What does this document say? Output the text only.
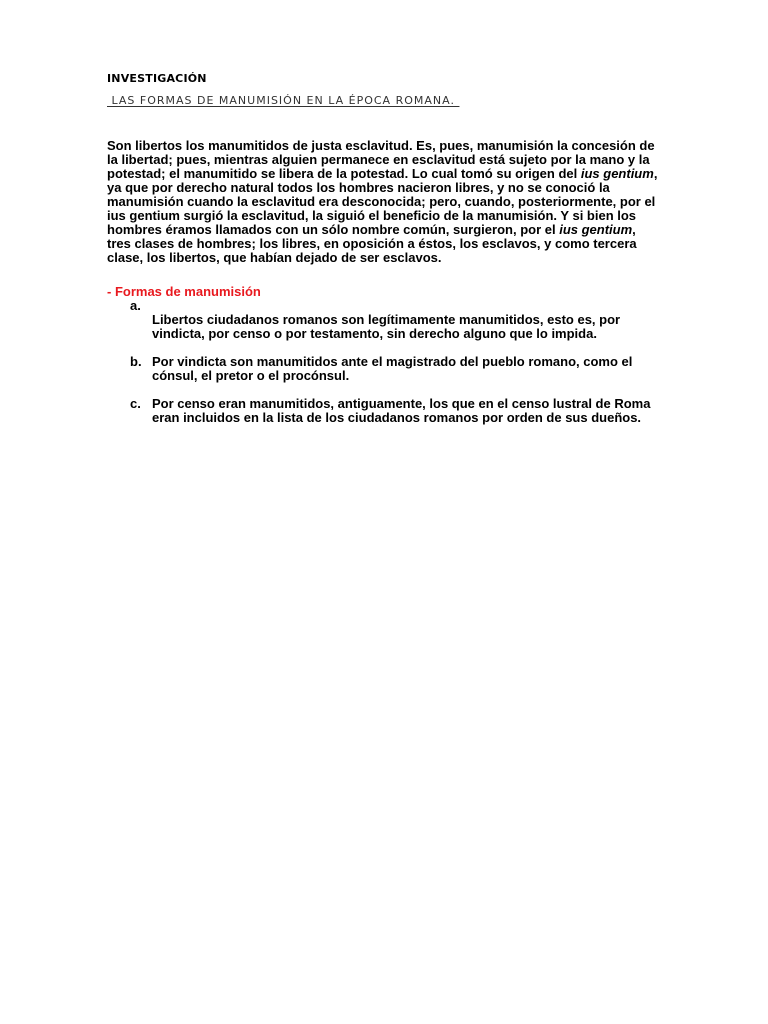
INVESTIGACIÓN
LAS FORMAS DE MANUMISIÓN EN LA ÉPOCA ROMANA.

Son libertos los manumitidos de justa esclavitud. Es, pues, manumisión la concesión de la libertad; pues, mientras alguien permanece en esclavitud está sujeto por la mano y la potestad; el manumitido se libera de la potestad. Lo cual tomó su origen del ius gentium, ya que por derecho natural todos los hombres nacieron libres, y no se conoció la manumisión cuando la esclavitud era desconocida; pero, cuando, posteriormente, por el ius gentium surgió la esclavitud, la siguió el beneficio de la manumisión. Y si bien los hombres éramos llamados con un sólo nombre común, surgieron, por el ius gentium, tres clases de hombres; los libres, en oposición a éstos, los esclavos, y como tercera clase, los libertos, que habían dejado de ser esclavos.

- Formas de manumisión
a.
Libertos ciudadanos romanos son legítimamente manumitidos, esto es, por vindicta, por censo o por testamento, sin derecho alguno que lo impida.
b. Por vindicta son manumitidos ante el magistrado del pueblo romano, como el cónsul, el pretor o el procónsul.
c. Por censo eran manumitidos, antiguamente, los que en el censo lustral de Roma eran incluidos en la lista de los ciudadanos romanos por orden de sus dueños.
